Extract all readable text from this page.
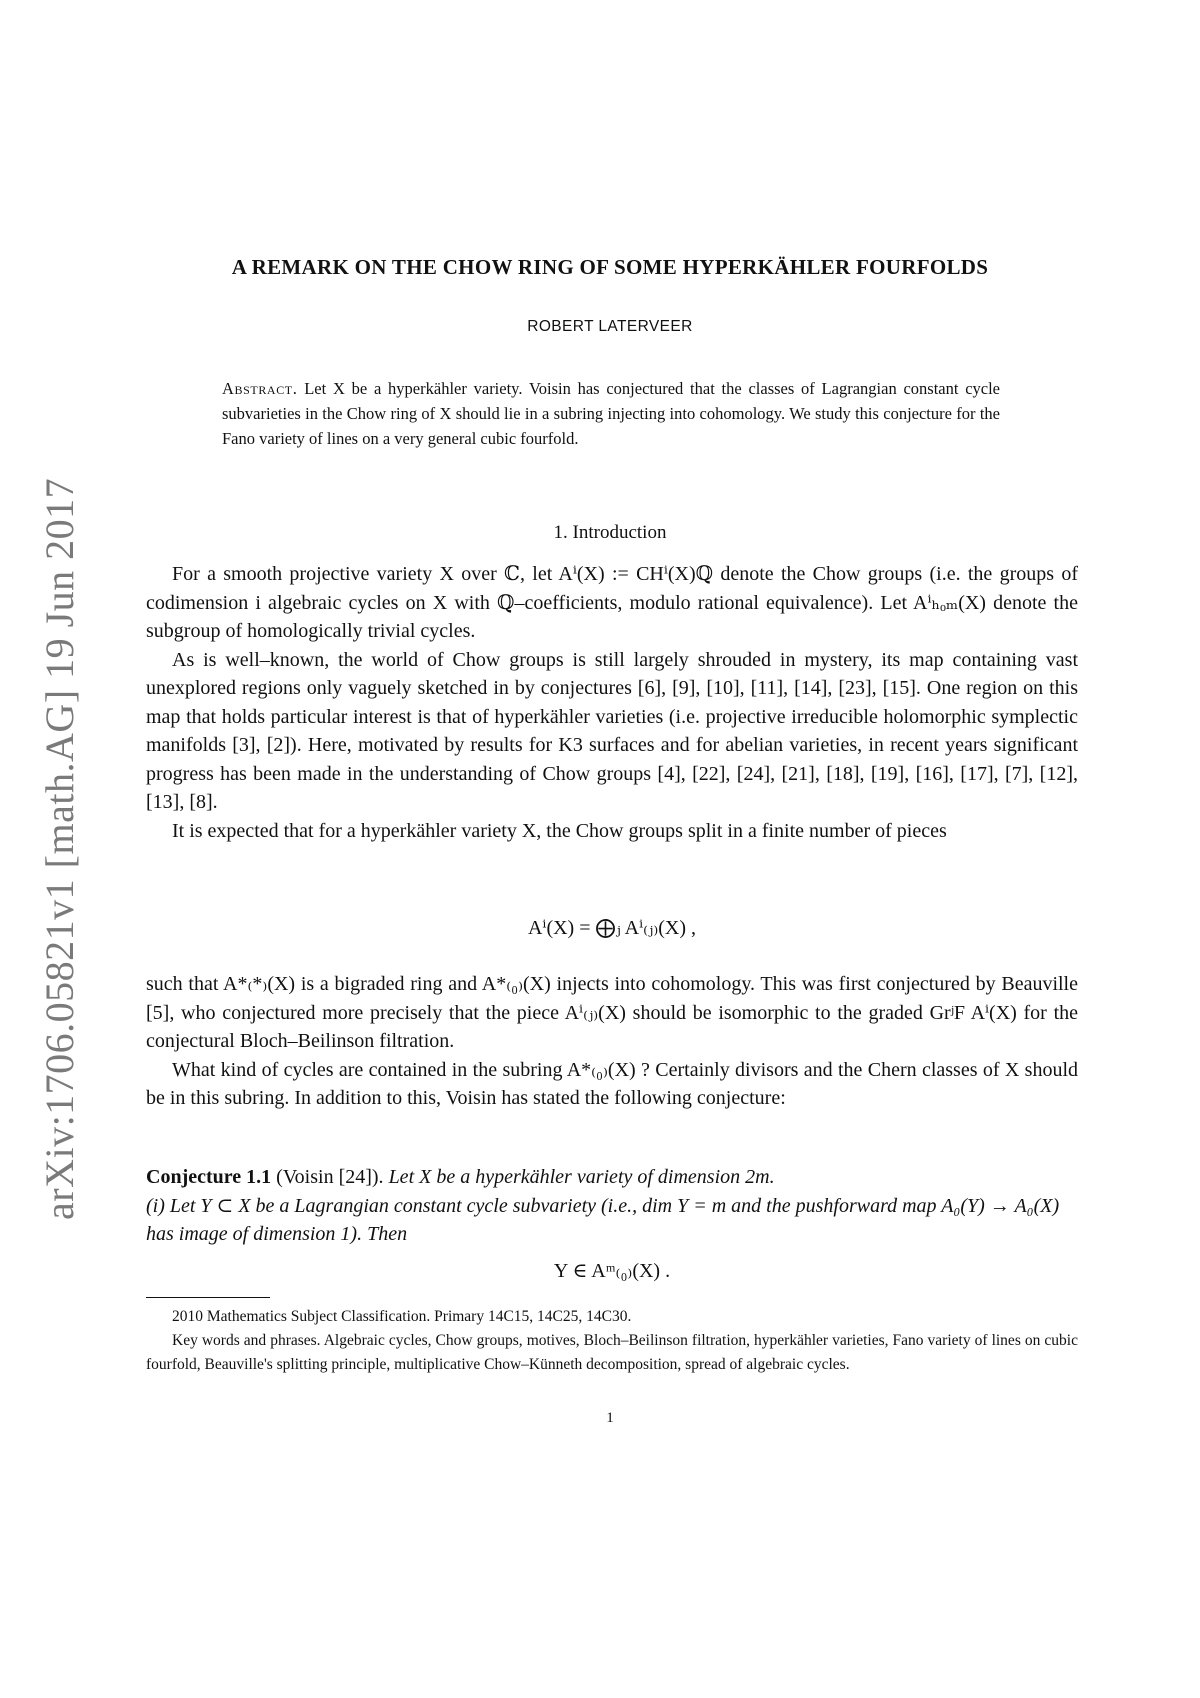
arXiv:1706.05821v1 [math.AG] 19 Jun 2017
A REMARK ON THE CHOW RING OF SOME HYPERKÄHLER FOURFOLDS
ROBERT LATERVEER
Abstract. Let X be a hyperkähler variety. Voisin has conjectured that the classes of Lagrangian constant cycle subvarieties in the Chow ring of X should lie in a subring injecting into cohomology. We study this conjecture for the Fano variety of lines on a very general cubic fourfold.
1. Introduction

For a smooth projective variety X over ℂ, let Aⁱ(X) := CHⁱ(X)ℚ denote the Chow groups (i.e. the groups of codimension i algebraic cycles on X with ℚ–coefficients, modulo rational equivalence). Let Aⁱₕₒₘ(X) denote the subgroup of homologically trivial cycles.

As is well–known, the world of Chow groups is still largely shrouded in mystery, its map containing vast unexplored regions only vaguely sketched in by conjectures [6], [9], [10], [11], [14], [23], [15]. One region on this map that holds particular interest is that of hyperkähler varieties (i.e. projective irreducible holomorphic symplectic manifolds [3], [2]). Here, motivated by results for K3 surfaces and for abelian varieties, in recent years significant progress has been made in the understanding of Chow groups [4], [22], [24], [21], [18], [19], [16], [17], [7], [12], [13], [8].

It is expected that for a hyperkähler variety X, the Chow groups split in a finite number of pieces

Aⁱ(X) = ⨁ⱼ Aⁱ₍ⱼ₎(X) ,

such that A*₍*₎(X) is a bigraded ring and A*₍₀₎(X) injects into cohomology. This was first conjectured by Beauville [5], who conjectured more precisely that the piece Aⁱ₍ⱼ₎(X) should be isomorphic to the graded GrʲF Aⁱ(X) for the conjectural Bloch–Beilinson filtration.

What kind of cycles are contained in the subring A*₍₀₎(X) ? Certainly divisors and the Chern classes of X should be in this subring. In addition to this, Voisin has stated the following conjecture:

Conjecture 1.1 (Voisin [24]). Let X be a hyperkähler variety of dimension 2m.
(i) Let Y ⊂ X be a Lagrangian constant cycle subvariety (i.e., dim Y = m and the pushforward map A₀(Y) → A₀(X) has image of dimension 1). Then
Y ∈ Aᵐ₍₀₎(X) .

2010 Mathematics Subject Classification. Primary 14C15, 14C25, 14C30.

Key words and phrases. Algebraic cycles, Chow groups, motives, Bloch–Beilinson filtration, hyperkähler varieties, Fano variety of lines on cubic fourfold, Beauville's splitting principle, multiplicative Chow–Künneth decomposition, spread of algebraic cycles.

1
